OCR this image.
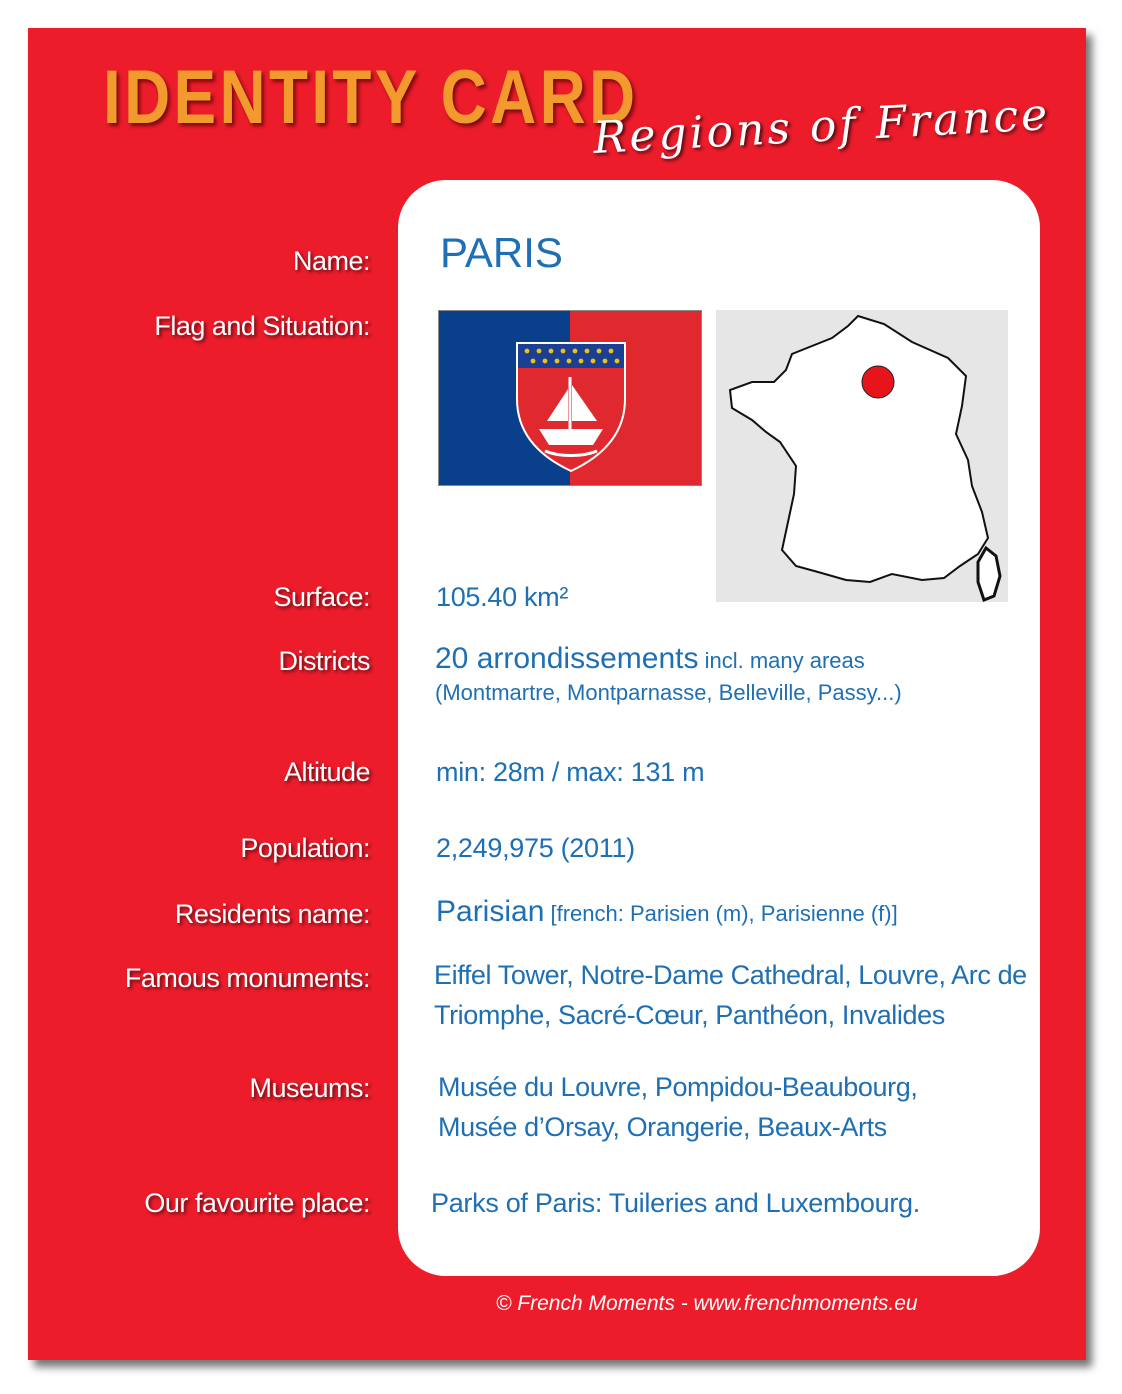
IDENTITY CARD
Regions of France
Name:
Flag and Situation:
Surface:
Districts
Altitude
Population:
Residents name:
Famous monuments:
Museums:
Our favourite place:
PARIS
105.40 km²
20 arrondissements incl. many areas
(Montmartre, Montparnasse, Belleville, Passy...)
min: 28m / max: 131 m
2,249,975 (2011)
Parisian [french: Parisien (m), Parisienne (f)]
Eiffel Tower, Notre-Dame Cathedral, Louvre, Arc de
Triomphe, Sacré-Cœur, Panthéon, Invalides
Musée du Louvre, Pompidou-Beaubourg,
Musée d’Orsay, Orangerie, Beaux-Arts
Parks of Paris: Tuileries and Luxembourg.
© French Moments - www.frenchmoments.eu
